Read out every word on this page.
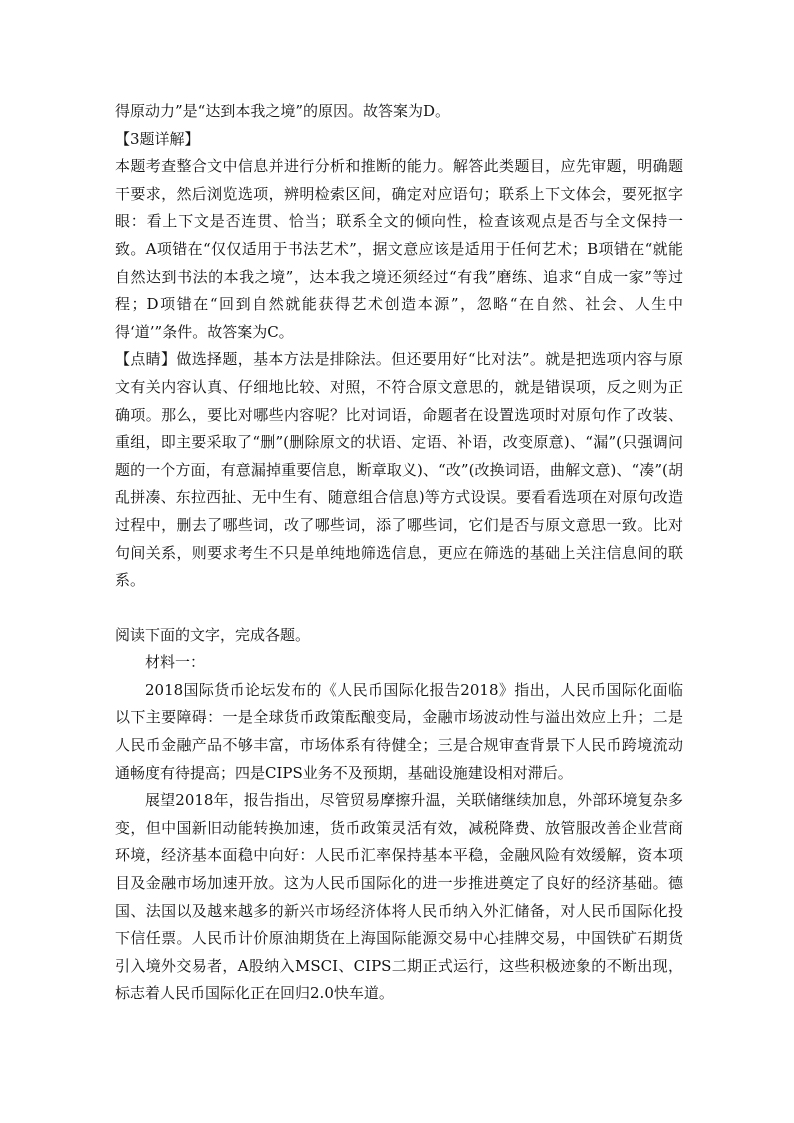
得原动力”是“达到本我之境”的原因。故答案为D。

【3题详解】

本题考查整合文中信息并进行分析和推断的能力。解答此类题目，应先审题，明确题干要求，然后浏览选项，辨明检索区间，确定对应语句；联系上下文体会，要死抠字眼：看上下文是否连贯、恰当；联系全文的倾向性，检查该观点是否与全文保持一致。A项错在“仅仅适用于书法艺术”，据文意应该是适用于任何艺术；B项错在“就能自然达到书法的本我之境”，达本我之境还须经过“有我”磨练、追求“自成一家”等过程；D项错在“回到自然就能获得艺术创造本源”，忽略“在自然、社会、人生中得‘道’”条件。故答案为C。

【点睛】做选择题，基本方法是排除法。但还要用好“比对法”。就是把选项内容与原文有关内容认真、仔细地比较、对照，不符合原文意思的，就是错误项，反之则为正确项。那么，要比对哪些内容呢？比对词语，命题者在设置选项时对原句作了改装、重组，即主要采取了“删”(删除原文的状语、定语、补语，改变原意)、“漏”(只强调问题的一个方面，有意漏掉重要信息，断章取义)、“改”(改换词语，曲解文意)、“凑”(胡乱拼凑、东拉西扯、无中生有、随意组合信息)等方式设误。要看看选项在对原句改造过程中，删去了哪些词，改了哪些词，添了哪些词，它们是否与原文意思一致。比对句间关系，则要求考生不只是单纯地筛选信息，更应在筛选的基础上关注信息间的联系。

阅读下面的文字，完成各题。

材料一：

2018国际货币论坛发布的《人民币国际化报告2018》指出，人民币国际化面临以下主要障碍：一是全球货币政策酝酿变局，金融市场波动性与溢出效应上升；二是人民币金融产品不够丰富，市场体系有待健全；三是合规审查背景下人民币跨境流动通畅度有待提高；四是CIPS业务不及预期，基础设施建设相对滞后。

展望2018年，报告指出，尽管贸易摩擦升温，关联储继续加息，外部环境复杂多变，但中国新旧动能转换加速，货币政策灵活有效，减税降费、放管服改善企业营商环境，经济基本面稳中向好：人民币汇率保持基本平稳，金融风险有效缓解，资本项目及金融市场加速开放。这为人民币国际化的进一步推进奠定了良好的经济基础。德国、法国以及越来越多的新兴市场经济体将人民币纳入外汇储备，对人民币国际化投下信任票。人民币计价原油期货在上海国际能源交易中心挂牌交易，中国铁矿石期货引入境外交易者，A股纳入MSCI、CIPS二期正式运行，这些积极迹象的不断出现，标志着人民币国际化正在回归2.0快车道。
